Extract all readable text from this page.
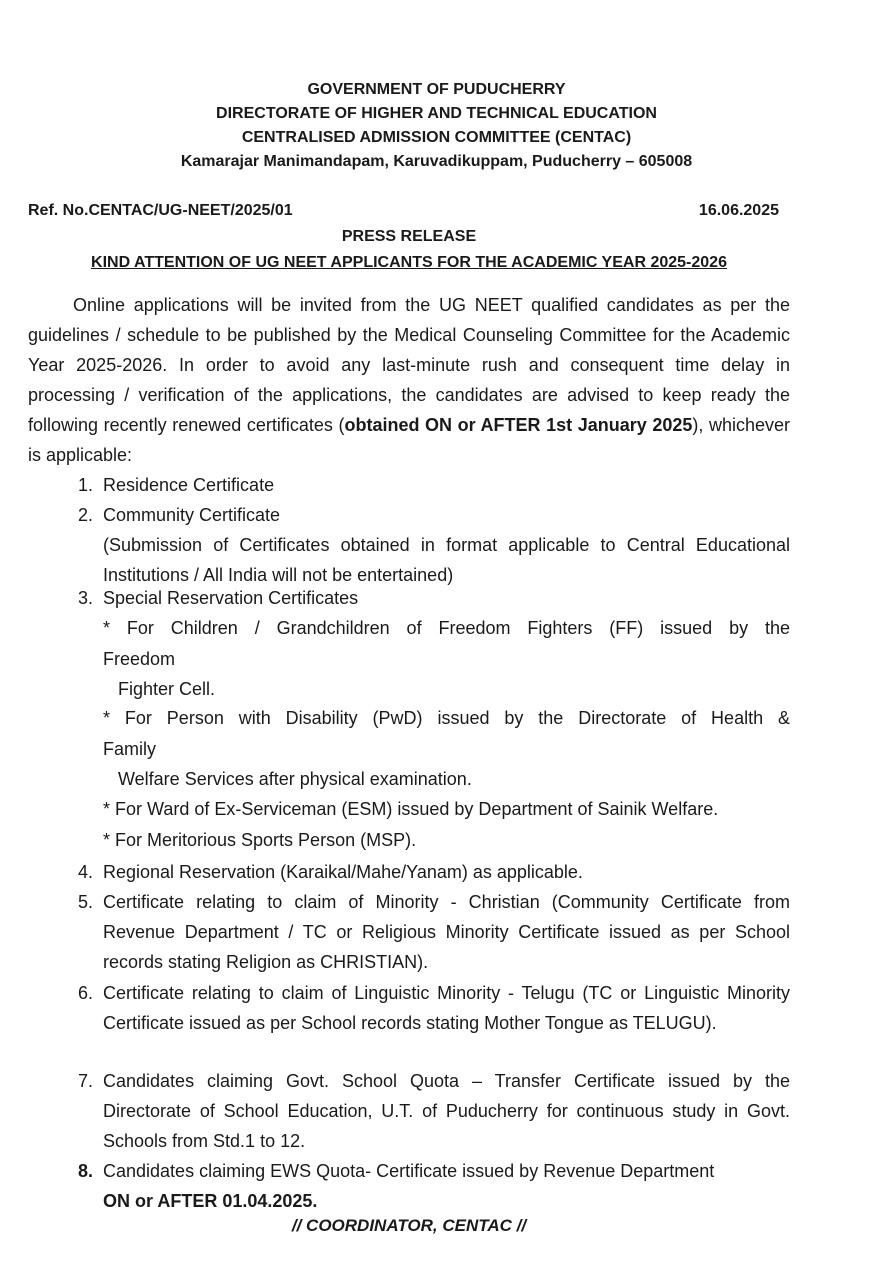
GOVERNMENT OF PUDUCHERRY
DIRECTORATE OF HIGHER AND TECHNICAL EDUCATION
CENTRALISED ADMISSION COMMITTEE (CENTAC)
Kamarajar Manimandapam, Karuvadikuppam, Puducherry – 605008
Ref. No.CENTAC/UG-NEET/2025/01	16.06.2025
PRESS RELEASE
KIND ATTENTION OF UG NEET APPLICANTS FOR THE ACADEMIC YEAR 2025-2026
Online applications will be invited from the UG NEET qualified candidates as per the guidelines / schedule to be published by the Medical Counseling Committee for the Academic Year 2025-2026. In order to avoid any last-minute rush and consequent time delay in processing / verification of the applications, the candidates are advised to keep ready the following recently renewed certificates (obtained ON or AFTER 1st January 2025), whichever is applicable:
1. Residence Certificate
2. Community Certificate
(Submission of Certificates obtained in format applicable to Central Educational Institutions / All India will not be entertained)
3. Special Reservation Certificates
* For Children / Grandchildren of Freedom Fighters (FF) issued by the
Freedom
Fighter Cell.
* For Person with Disability (PwD) issued by the Directorate of Health &
Family
Welfare Services after physical examination.
* For Ward of Ex-Serviceman (ESM) issued by Department of Sainik Welfare.
* For Meritorious Sports Person (MSP).
4. Regional Reservation (Karaikal/Mahe/Yanam) as applicable.
5. Certificate relating to claim of Minority - Christian (Community Certificate from Revenue Department / TC or Religious Minority Certificate issued as per School records stating Religion as CHRISTIAN).
6. Certificate relating to claim of Linguistic Minority - Telugu (TC or Linguistic Minority Certificate issued as per School records stating Mother Tongue as TELUGU).
7. Candidates claiming Govt. School Quota – Transfer Certificate issued by the Directorate of School Education, U.T. of Puducherry for continuous study in Govt. Schools from Std.1 to 12.
8. Candidates claiming EWS Quota- Certificate issued by Revenue Department
ON or AFTER 01.04.2025.
// COORDINATOR, CENTAC //
